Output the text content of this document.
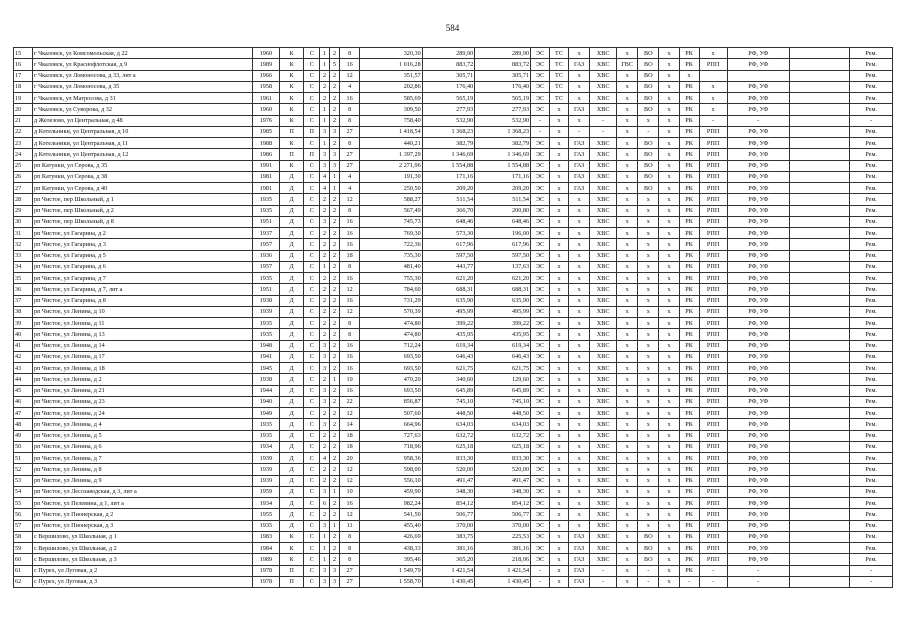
584
15	г Чкаловск, ул Комсомольская, д 22	1960	К	С	1	2	8	320,30	289,90	289,90	ЭС	ТС	х	ХВС	х	ВО	х	РК	х	РФ, УФ		Рем.
16	г Чкаловск, ул Краснофлотская, д 9	1989	К	С	1	5	16	1 016,28	883,72	883,72	ЭС	ТС	ГАЗ	ХВС	ГВС	ВО	х	РК	РПП	РФ, УФ		Рем.
17	г Чкаловск, ул Ломоносова, д 33, лит а	1966	К	С	2	2	12	351,57	305,71	305,71	ЭС	ТС	х	ХВС	х	ВО	х	х				Рем.
18	г Чкаловск, ул Ломоносова, д 35	1958	К	С	2	2	4	202,86	176,40	176,40	ЭС	ТС	х	ХВС	х	ВО	х	РК	х	РФ, УФ		Рем.
19	г Чкаловск, ул Матросова, д 31	1961	К	С	2	2	16	585,69	565,19	565,19	ЭС	ТС	х	ХВС	х	ВО	х	РК	х	РФ, УФ		Рем.
20	г Чкаловск, ул Суворова, д 32	1960	К	С	1	2	8	309,50	277,93	277,93	ЭС	х	ГАЗ	ХВС	х	ВО	х	РК	х	РФ, УФ		Рем.
21	д Железово, ул Центральная, д 48	1976	К	С	1	2	8	758,40	532,90	532,90	-	х	х	-	х	х	х	РК	-	-		-
22	д Котельники, ул Центральная, д 10	1985	П	П	3	3	27	1 418,54	1 368,23	1 368,23	-	х	-	-	х	-	х	РК	РПП	РФ, УФ		Рем.
23	д Котельники, ул Центральная, д 11	1988	К	С	1	2	8	440,21	382,79	382,79	ЭС	х	ГАЗ	ХВС	х	ВО	х	РК	РПП	РФ, УФ		Рем.
24	д Котельники, ул Центральная, д 12	1986	П	П	3	3	27	1 397,29	1 346,69	1 346,69	ЭС	х	ГАЗ	ХВС	х	ВО	х	РК	РПП	РФ, УФ		Рем.
25	рп Катунки, ул Серова, д 35	1991	К	С	3	3	27	2 271,96	1 554,88	1 554,88	ЭС	х	ГАЗ	ХВС	х	ВО	х	РК	РПП	РФ, УФ		Рем.
26	рп Катунки, ул Серова, д 38	1981	Д	С	4	1	4	191,30	171,16	171,16	ЭС	х	ГАЗ	ХВС	х	ВО	х	РК	РПП	РФ, УФ		Рем.
27	рп Катунки, ул Серова, д 40	1981	Д	С	4	1	4	250,50	209,20	209,20	ЭС	х	ГАЗ	ХВС	х	ВО	х	РК	РПП	РФ, УФ		Рем.
28	рп Чистое, пер Школьный, д 1	1935	Д	С	2	2	12	588,27	511,54	511,54	ЭС	х	х	ХВС	х	х	х	РК	РПП	РФ, УФ		Рем.
29	рп Чистое, пер Школьный, д 2	1935	Д	С	2	2	8	567,49	366,70	200,80	ЭС	х	х	ХВС	х	х	х	РК	РПП	РФ, УФ		Рем.
30	рп Чистое, пер Школьный, д 8	1951	Д	С	3	2	16	745,73	648,46	648,46	ЭС	х	х	ХВС	х	х	х	РК	РПП	РФ, УФ		Рем.
31	рп Чистое, ул Гагарина, д 2	1937	Д	С	2	2	16	769,30	573,30	196,00	ЭС	х	х	ХВС	х	х	х	РК	РПП	РФ, УФ		Рем.
32	рп Чистое, ул Гагарина, д 3	1957	Д	С	2	2	16	722,36	617,96	617,96	ЭС	х	х	ХВС	х	х	х	РК	РПП	РФ, УФ		Рем.
33	рп Чистое, ул Гагарина, д 5	1936	Д	С	2	2	18	735,30	597,50	597,50	ЭС	х	х	ХВС	х	х	х	РК	РПП	РФ, УФ		Рем.
34	рп Чистое, ул Гагарина, д 6	1957	Д	С	1	2	8	481,40	443,77	137,63	ЭС	х	х	ХВС	х	х	х	РК	РПП	РФ, УФ		Рем.
35	рп Чистое, ул Гагарина, д 7	1935	Д	С	2	2	16	755,30	621,20	621,20	ЭС	х	х	ХВС	х	х	х	РК	РПП	РФ, УФ		Рем.
36	рп Чистое, ул Гагарина, д 7, лит а	1951	Д	С	2	2	12	784,60	688,31	688,31	ЭС	х	х	ХВС	х	х	х	РК	РПП	РФ, УФ		Рем.
37	рп Чистое, ул Гагарина, д 8	1938	Д	С	2	2	16	731,29	635,90	635,90	ЭС	х	х	ХВС	х	х	х	РК	РПП	РФ, УФ		Рем.
38	рп Чистое, ул Ленина, д 10	1939	Д	С	2	2	12	570,39	495,99	495,99	ЭС	х	х	ХВС	х	х	х	РК	РПП	РФ, УФ		Рем.
39	рп Чистое, ул Ленина, д 11	1935	Д	С	2	2	8	474,80	399,22	399,22	ЭС	х	х	ХВС	х	х	х	РК	РПП	РФ, УФ		Рем.
40	рп Чистое, ул Ленина, д 13	1935	Д	С	2	2	8	474,80	435,95	435,95	ЭС	х	х	ХВС	х	х	х	РК	РПП	РФ, УФ		Рем.
41	рп Чистое, ул Ленина, д 14	1948	Д	С	3	2	16	712,24	619,34	619,34	ЭС	х	х	ХВС	х	х	х	РК	РПП	РФ, УФ		Рем.
42	рп Чистое, ул Ленина, д 17	1941	Д	С	3	2	16	693,50	646,43	646,43	ЭС	х	х	ХВС	х	х	х	РК	РПП	РФ, УФ		Рем.
43	рп Чистое, ул Ленина, д 18	1945	Д	С	3	2	16	693,50	621,75	621,75	ЭС	х	х	ХВС	х	х	х	РК	РПП	РФ, УФ		Рем.
44	рп Чистое, ул Ленина, д 2	1938	Д	С	2	1	19	470,20	340,60	129,60	ЭС	х	х	ХВС	х	х	х	РК	РПП	РФ, УФ		Рем.
45	рп Чистое, ул Ленина, д 21	1944	Д	С	3	2	16	693,50	645,89	645,89	ЭС	х	х	ХВС	х	х	х	РК	РПП	РФ, УФ		Рем.
46	рп Чистое, ул Ленина, д 23	1940	Д	С	3	2	22	856,87	745,10	745,10	ЭС	х	х	ХВС	х	х	х	РК	РПП	РФ, УФ		Рем.
47	рп Чистое, ул Ленина, д 24	1949	Д	С	2	2	12	507,60	448,50	448,50	ЭС	х	х	ХВС	х	х	х	РК	РПП	РФ, УФ		Рем.
48	рп Чистое, ул Ленина, д 4	1935	Д	С	3	2	14	664,96	634,03	634,03	ЭС	х	х	ХВС	х	х	х	РК	РПП	РФ, УФ		Рем.
49	рп Чистое, ул Ленина, д 5	1935	Д	С	2	2	18	727,63	632,72	632,72	ЭС	х	х	ХВС	х	х	х	РК	РПП	РФ, УФ		Рем.
50	рп Чистое, ул Ленина, д 6	1934	Д	С	2	2	18	718,96	625,18	625,18	ЭС	х	х	ХВС	х	х	х	РК	РПП	РФ, УФ		Рем.
51	рп Чистое, ул Ленина, д 7	1939	Д	С	4	2	20	958,36	833,30	833,30	ЭС	х	х	ХВС	х	х	х	РК	РПП	РФ, УФ		Рем.
52	рп Чистое, ул Ленина, д 8	1939	Д	С	2	2	12	598,00	520,00	520,00	ЭС	х	х	ХВС	х	х	х	РК	РПП	РФ, УФ		Рем.
53	рп Чистое, ул Ленина, д 9	1939	Д	С	2	2	12	556,10	491,47	491,47	ЭС	х	х	ХВС	х	х	х	РК	РПП	РФ, УФ		Рем.
54	рп Чистое, ул Лесозаводская, д 3, лит а	1959	Д	С	3	1	10	459,90	348,30	348,30	ЭС	х	х	ХВС	х	х	х	РК	РПП	РФ, УФ		Рем.
55	рп Чистое, ул Пелевина, д 1, лит а	1934	Д	С	6	2	16	982,24	854,12	854,12	ЭС	х	х	ХВС	х	х	х	РК	РПП	РФ, УФ		Рем.
56	рп Чистое, ул Пионерская, д 2	1955	Д	С	2	2	12	541,50	506,77	506,77	ЭС	х	х	ХВС	х	х	х	РК	РПП	РФ, УФ		Рем.
57	рп Чистое, ул Пионерская, д 3	1935	Д	С	3	1	11	455,40	370,00	370,00	ЭС	х	х	ХВС	х	х	х	РК	РПП	РФ, УФ		Рем.
58	с Вершилово, ул Школьная, д 1	1983	К	С	1	2	8	426,69	383,75	225,53	ЭС	х	ГАЗ	ХВС	х	ВО	х	РК	РПП	РФ, УФ		Рем.
59	с Вершилово, ул Школьная, д 2	1984	К	С	1	2	8	438,33	381,16	381,16	ЭС	х	ГАЗ	ХВС	х	ВО	х	РК	РПП	РФ, УФ		Рем.
60	с Вершилово, ул Школьная, д 3	1989	К	С	1	2	8	395,46	365,20	218,06	ЭС	х	ГАЗ	ХВС	х	ВО	х	РК	РПП	РФ, УФ		Рем.
61	с Пурех, ул Луговая, д 2	1978	П	С	3	3	27	1 549,79	1 421,54	1 421,54	-	х	ГАЗ	-	х	-	х	РК	-	-		-
62	с Пурех, ул Луговая, д 3	1978	П	С	3	3	27	1 558,70	1 430,45	1 430,45	-	х	ГАЗ	-	х	-	х	-	-	-		-
